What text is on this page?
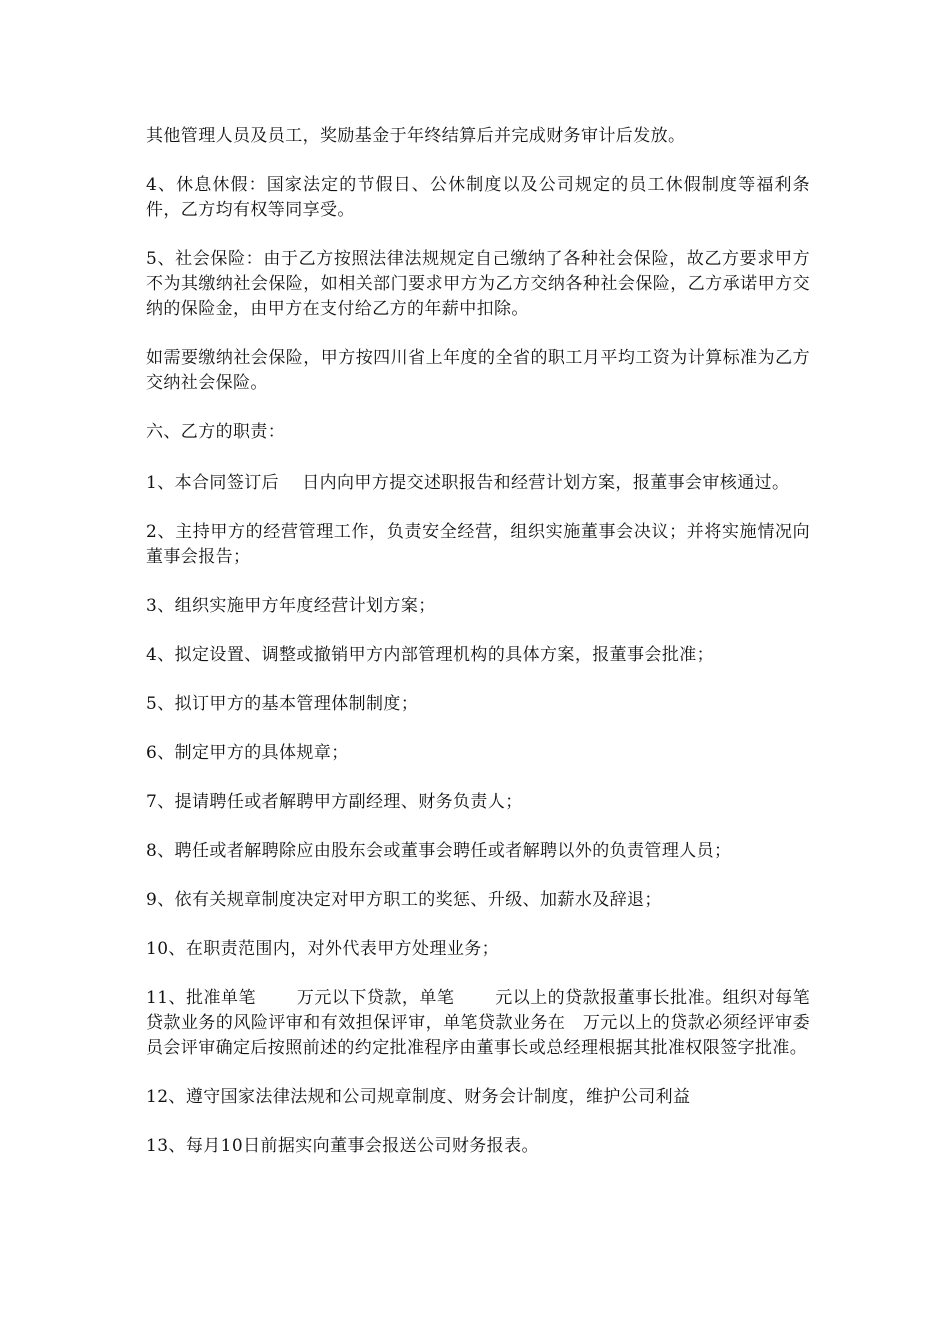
其他管理人员及员工，奖励基金于年终结算后并完成财务审计后发放。

4、休息休假：国家法定的节假日、公休制度以及公司规定的员工休假制度等福利条件，乙方均有权等同享受。

5、社会保险：由于乙方按照法律法规规定自己缴纳了各种社会保险，故乙方要求甲方不为其缴纳社会保险，如相关部门要求甲方为乙方交纳各种社会保险，乙方承诺甲方交纳的保险金，由甲方在支付给乙方的年薪中扣除。

如需要缴纳社会保险，甲方按四川省上年度的全省的职工月平均工资为计算标准为乙方交纳社会保险。

六、乙方的职责：

1、本合同签订后　 日内向甲方提交述职报告和经营计划方案，报董事会审核通过。

2、主持甲方的经营管理工作，负责安全经营，组织实施董事会决议；并将实施情况向董事会报告；

3、组织实施甲方年度经营计划方案；

4、拟定设置、调整或撤销甲方内部管理机构的具体方案，报董事会批准；

5、拟订甲方的基本管理体制制度；

6、制定甲方的具体规章；

7、提请聘任或者解聘甲方副经理、财务负责人；

8、聘任或者解聘除应由股东会或董事会聘任或者解聘以外的负责管理人员；

9、依有关规章制度决定对甲方职工的奖惩、升级、加薪水及辞退；

10、在职责范围内，对外代表甲方处理业务；

11、批准单笔　　 万元以下贷款，单笔　　 元以上的贷款报董事长批准。组织对每笔贷款业务的风险评审和有效担保评审，单笔贷款业务在　万元以上的贷款必须经评审委员会评审确定后按照前述的约定批准程序由董事长或总经理根据其批准权限签字批准。

12、遵守国家法律法规和公司规章制度、财务会计制度，维护公司利益

13、每月10日前据实向董事会报送公司财务报表。
